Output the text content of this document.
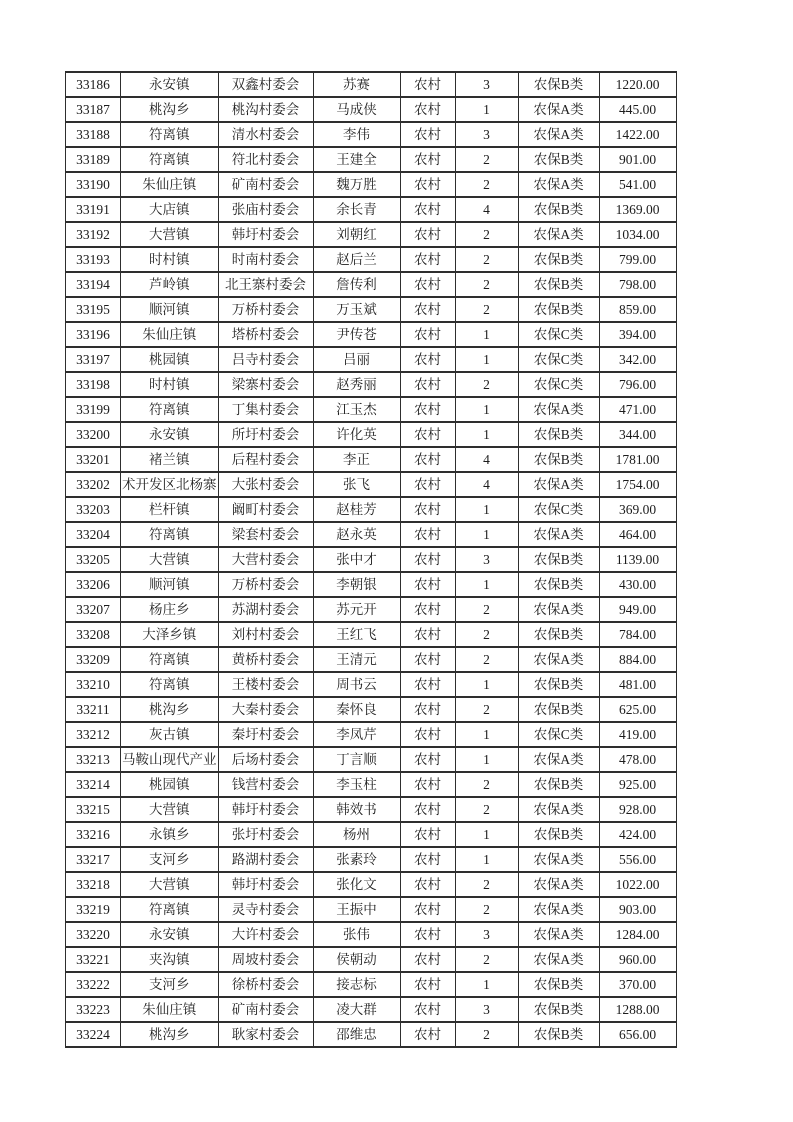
33186	永安镇	双鑫村委会	苏赛	农村	3	农保B类	1220.00
33187	桃沟乡	桃沟村委会	马成侠	农村	1	农保A类	445.00
33188	符离镇	清水村委会	李伟	农村	3	农保A类	1422.00
33189	符离镇	符北村委会	王建全	农村	2	农保B类	901.00
33190	朱仙庄镇	矿南村委会	魏万胜	农村	2	农保A类	541.00
33191	大店镇	张庙村委会	余长青	农村	4	农保B类	1369.00
33192	大营镇	韩圩村委会	刘朝红	农村	2	农保A类	1034.00
33193	时村镇	时南村委会	赵后兰	农村	2	农保B类	799.00
33194	芦岭镇	北王寨村委会	詹传利	农村	2	农保B类	798.00
33195	顺河镇	万桥村委会	万玉斌	农村	2	农保B类	859.00
33196	朱仙庄镇	塔桥村委会	尹传苍	农村	1	农保C类	394.00
33197	桃园镇	吕寺村委会	吕丽	农村	1	农保C类	342.00
33198	时村镇	梁寨村委会	赵秀丽	农村	2	农保C类	796.00
33199	符离镇	丁集村委会	江玉杰	农村	1	农保A类	471.00
33200	永安镇	所圩村委会	许化英	农村	1	农保B类	344.00
33201	褚兰镇	后程村委会	李正	农村	4	农保B类	1781.00
33202	术开发区北杨寨	大张村委会	张飞	农村	4	农保A类	1754.00
33203	栏杆镇	阚町村委会	赵桂芳	农村	1	农保C类	369.00
33204	符离镇	梁套村委会	赵永英	农村	1	农保A类	464.00
33205	大营镇	大营村委会	张中才	农村	3	农保B类	1139.00
33206	顺河镇	万桥村委会	李朝银	农村	1	农保B类	430.00
33207	杨庄乡	苏湖村委会	苏元开	农村	2	农保A类	949.00
33208	大泽乡镇	刘村村委会	王红飞	农村	2	农保B类	784.00
33209	符离镇	黄桥村委会	王清元	农村	2	农保A类	884.00
33210	符离镇	王楼村委会	周书云	农村	1	农保B类	481.00
33211	桃沟乡	大秦村委会	秦怀良	农村	2	农保B类	625.00
33212	灰古镇	秦圩村委会	李凤芹	农村	1	农保C类	419.00
33213	马鞍山现代产业	后场村委会	丁言顺	农村	1	农保A类	478.00
33214	桃园镇	钱营村委会	李玉柱	农村	2	农保B类	925.00
33215	大营镇	韩圩村委会	韩效书	农村	2	农保A类	928.00
33216	永镇乡	张圩村委会	杨州	农村	1	农保B类	424.00
33217	支河乡	路湖村委会	张素玲	农村	1	农保A类	556.00
33218	大营镇	韩圩村委会	张化文	农村	2	农保A类	1022.00
33219	符离镇	灵寺村委会	王振中	农村	2	农保A类	903.00
33220	永安镇	大许村委会	张伟	农村	3	农保A类	1284.00
33221	夹沟镇	周坡村委会	侯朝动	农村	2	农保A类	960.00
33222	支河乡	徐桥村委会	接志标	农村	1	农保B类	370.00
33223	朱仙庄镇	矿南村委会	凌大群	农村	3	农保B类	1288.00
33224	桃沟乡	耿家村委会	邵维忠	农村	2	农保B类	656.00
